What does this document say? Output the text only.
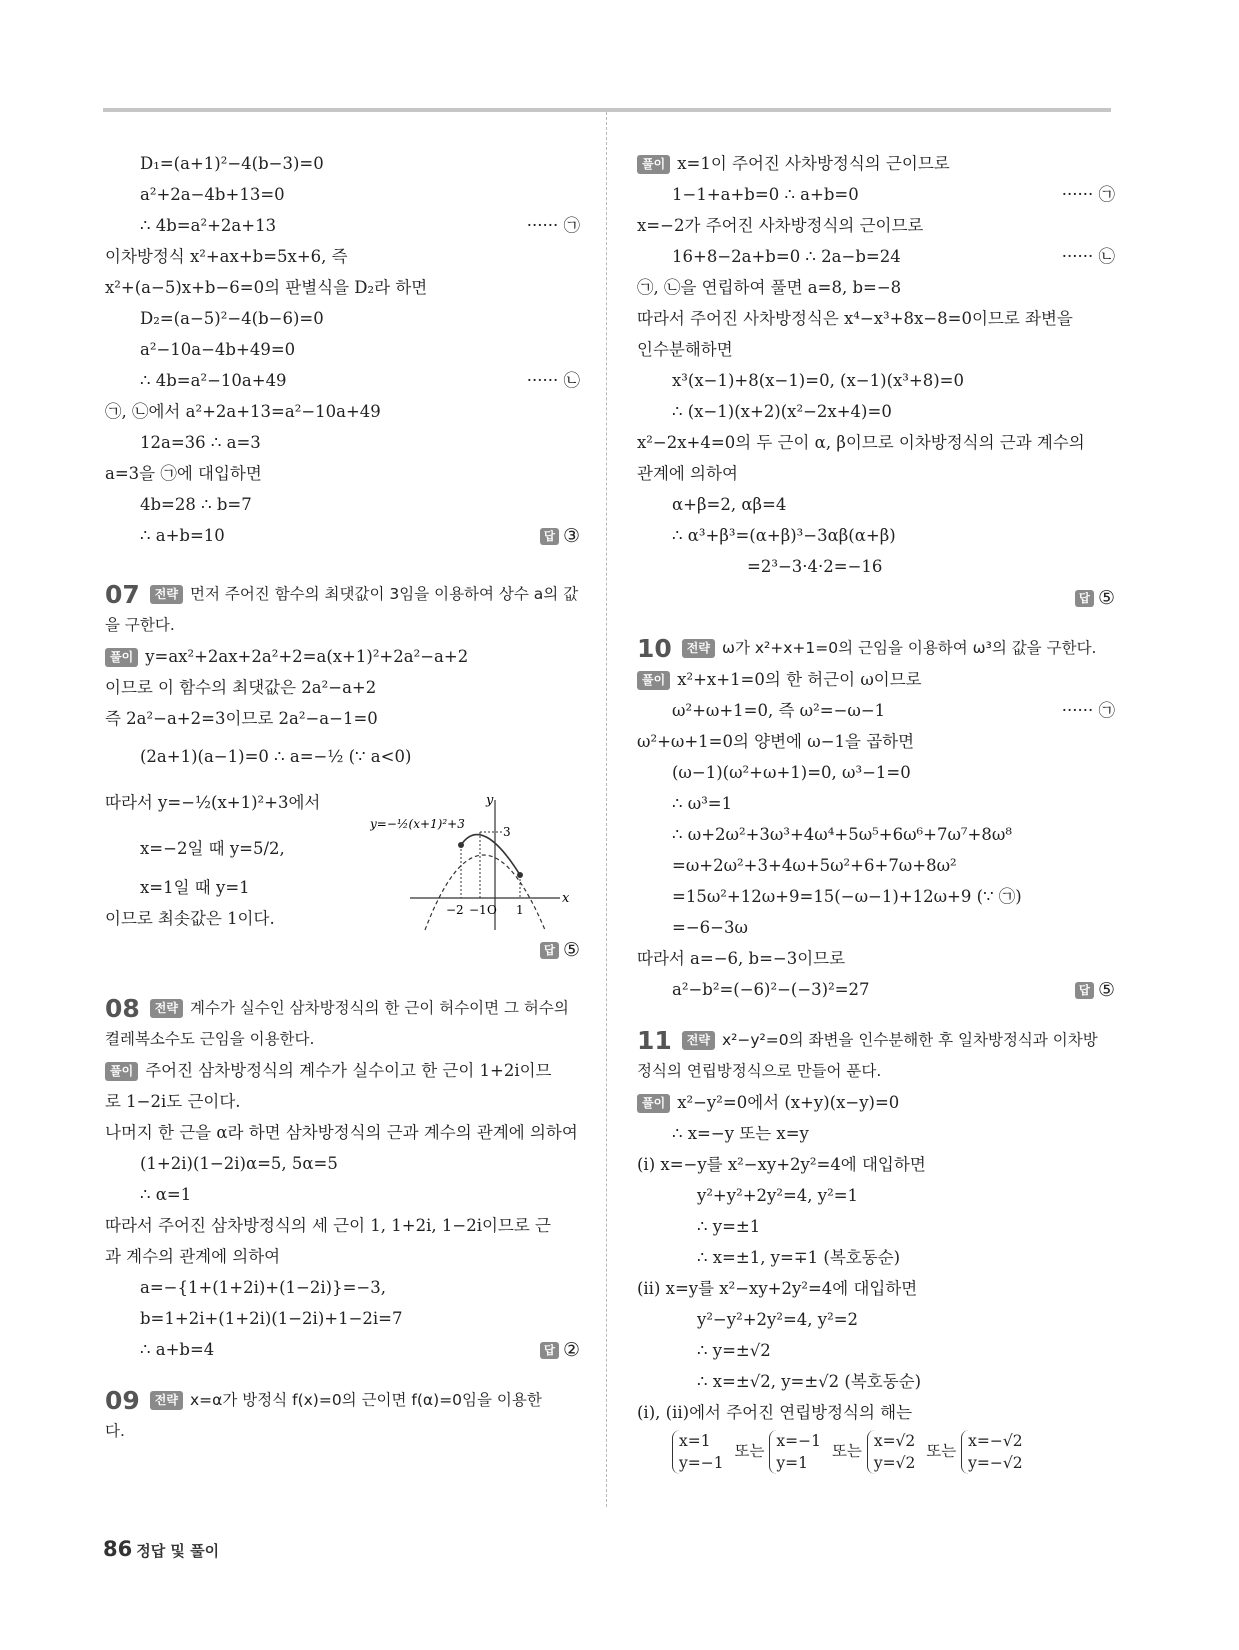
D₁=(a+1)²−4(b−3)=0
a²+2a−4b+13=0
∴ 4b=a²+2a+13	······ ㉠
이차방정식 x²+ax+b=5x+6, 즉
x²+(a−5)x+b−6=0의 판별식을 D₂라 하면
D₂=(a−5)²−4(b−6)=0
a²−10a−4b+49=0
∴ 4b=a²−10a+49	······ ㉡
㉠, ㉡에서 a²+2a+13=a²−10a+49
12a=36 ∴ a=3
a=3을 ㉠에 대입하면
4b=28 ∴ b=7
∴ a+b=10	답 ③
07 전략 먼저 주어진 함수의 최댓값이 3임을 이용하여 상수 a의 값
을 구한다.
풀이 y=ax²+2ax+2a²+2=a(x+1)²+2a²−a+2
이므로 이 함수의 최댓값은 2a²−a+2
즉 2a²−a+2=3이므로 2a²−a−1=0
(2a+1)(a−1)=0 ∴ a=−½ (∵ a<0)
따라서 y=−½(x+1)²+3에서
x=−2일 때 y=5/2,
x=1일 때 y=1
이므로 최솟값은 1이다.
답 ⑤
08 전략 계수가 실수인 삼차방정식의 한 근이 허수이면 그 허수의
켤레복소수도 근임을 이용한다.
풀이 주어진 삼차방정식의 계수가 실수이고 한 근이 1+2i이므
로 1−2i도 근이다.
나머지 한 근을 α라 하면 삼차방정식의 근과 계수의 관계에 의하여
(1+2i)(1−2i)α=5, 5α=5
∴ α=1
따라서 주어진 삼차방정식의 세 근이 1, 1+2i, 1−2i이므로 근
과 계수의 관계에 의하여
a=−{1+(1+2i)+(1−2i)}=−3,
b=1+2i+(1+2i)(1−2i)+1−2i=7
∴ a+b=4	답 ②
09 전략 x=α가 방정식 f(x)=0의 근이면 f(α)=0임을 이용한
다.
x
y
3
y=−½(x+1)²+3
−2 −1 O 1
풀이 x=1이 주어진 사차방정식의 근이므로
1−1+a+b=0 ∴ a+b=0	······ ㉠
x=−2가 주어진 사차방정식의 근이므로
16+8−2a+b=0 ∴ 2a−b=24	······ ㉡
㉠, ㉡을 연립하여 풀면 a=8, b=−8
따라서 주어진 사차방정식은 x⁴−x³+8x−8=0이므로 좌변을
인수분해하면
x³(x−1)+8(x−1)=0, (x−1)(x³+8)=0
∴ (x−1)(x+2)(x²−2x+4)=0
x²−2x+4=0의 두 근이 α, β이므로 이차방정식의 근과 계수의
관계에 의하여
α+β=2, αβ=4
∴ α³+β³=(α+β)³−3αβ(α+β)
=2³−3·4·2=−16
답 ⑤
10 전략 ω가 x²+x+1=0의 근임을 이용하여 ω³의 값을 구한다.
풀이 x²+x+1=0의 한 허근이 ω이므로
ω²+ω+1=0, 즉 ω²=−ω−1	······ ㉠
ω²+ω+1=0의 양변에 ω−1을 곱하면
(ω−1)(ω²+ω+1)=0, ω³−1=0
∴ ω³=1
∴ ω+2ω²+3ω³+4ω⁴+5ω⁵+6ω⁶+7ω⁷+8ω⁸
=ω+2ω²+3+4ω+5ω²+6+7ω+8ω²
=15ω²+12ω+9=15(−ω−1)+12ω+9 (∵ ㉠)
=−6−3ω
따라서 a=−6, b=−3이므로
a²−b²=(−6)²−(−3)²=27	답 ⑤
11 전략 x²−y²=0의 좌변을 인수분해한 후 일차방정식과 이차방
정식의 연립방정식으로 만들어 푼다.
풀이 x²−y²=0에서 (x+y)(x−y)=0
∴ x=−y 또는 x=y
(ⅰ) x=−y를 x²−xy+2y²=4에 대입하면
y²+y²+2y²=4, y²=1
∴ y=±1
∴ x=±1, y=∓1 (복호동순)
(ⅱ) x=y를 x²−xy+2y²=4에 대입하면
y²−y²+2y²=4, y²=2
∴ y=±√2
∴ x=±√2, y=±√2 (복호동순)
(ⅰ), (ⅱ)에서 주어진 연립방정식의 해는
x=1
y=−1 또는 x=−1
y=1 또는 x=√2
y=√2 또는 x=−√2
y=−√2
86 정답 및 풀이
